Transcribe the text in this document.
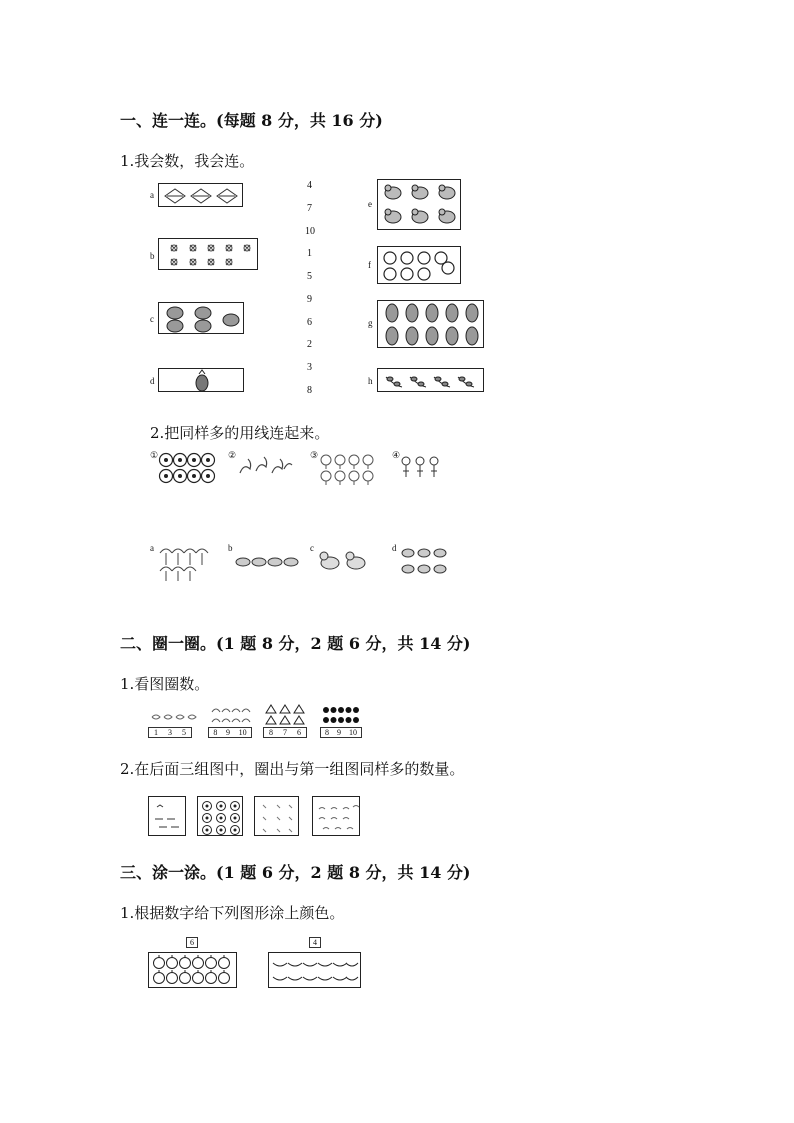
一、连一连。(每题 8 分，共 16 分)
1.我会数，我会连。
a
b
c
d
4
7
10
1
5
9
6
2
3
8
e
f
g
h
2.把同样多的用线连起来。
①	②	③	④
a	b	c	d
二、圈一圈。(1 题 8 分，2 题 6 分，共 14 分)
1.看图圈数。
1 3 5	8 9 10	8 7 6	8 9 10
2.在后面三组图中，圈出与第一组图同样多的数量。
三、涂一涂。(1 题 6 分，2 题 8 分，共 14 分)
1.根据数字给下列图形涂上颜色。
6	4
